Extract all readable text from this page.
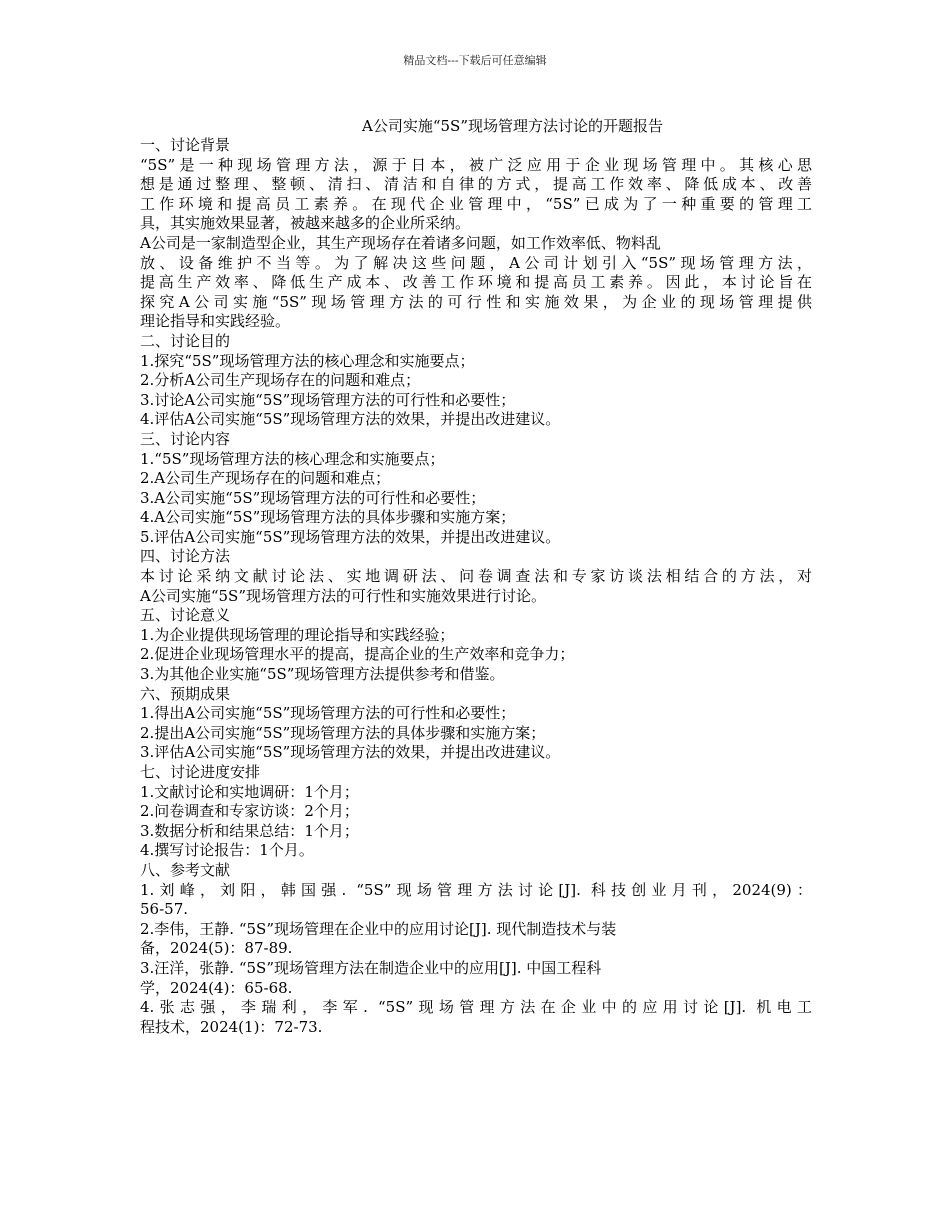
精品文档---下载后可任意编辑
A公司实施“5S”现场管理方法讨论的开题报告
一、讨论背景
“5S”是一种现场管理方法，源于日本，被广泛应用于企业现场管理中。其核心思
想是通过整理、整顿、清扫、清洁和自律的方式，提高工作效率、降低成本、改善
工作环境和提高员工素养。在现代企业管理中，“5S”已成为了一种重要的管理工
具，其实施效果显著，被越来越多的企业所采纳。
A公司是一家制造型企业，其生产现场存在着诸多问题，如工作效率低、物料乱
放、设备维护不当等。为了解决这些问题，A公司计划引入“5S”现场管理方法，
提高生产效率、降低生产成本、改善工作环境和提高员工素养。因此，本讨论旨在
探究A公司实施“5S”现场管理方法的可行性和实施效果，为企业的现场管理提供
理论指导和实践经验。
二、讨论目的
1.探究“5S”现场管理方法的核心理念和实施要点；
2.分析A公司生产现场存在的问题和难点；
3.讨论A公司实施“5S”现场管理方法的可行性和必要性；
4.评估A公司实施“5S”现场管理方法的效果，并提出改进建议。
三、讨论内容
1.“5S”现场管理方法的核心理念和实施要点；
2.A公司生产现场存在的问题和难点；
3.A公司实施“5S”现场管理方法的可行性和必要性；
4.A公司实施“5S”现场管理方法的具体步骤和实施方案；
5.评估A公司实施“5S”现场管理方法的效果，并提出改进建议。
四、讨论方法
本讨论采纳文献讨论法、实地调研法、问卷调查法和专家访谈法相结合的方法，对
A公司实施“5S”现场管理方法的可行性和实施效果进行讨论。
五、讨论意义
1.为企业提供现场管理的理论指导和实践经验；
2.促进企业现场管理水平的提高，提高企业的生产效率和竞争力；
3.为其他企业实施“5S”现场管理方法提供参考和借鉴。
六、预期成果
1.得出A公司实施“5S”现场管理方法的可行性和必要性；
2.提出A公司实施“5S”现场管理方法的具体步骤和实施方案；
3.评估A公司实施“5S”现场管理方法的效果，并提出改进建议。
七、讨论进度安排
1.文献讨论和实地调研：1个月；
2.问卷调查和专家访谈：2个月；
3.数据分析和结果总结：1个月；
4.撰写讨论报告：1个月。
八、参考文献
1.刘峰，刘阳，韩国强. “5S”现场管理方法讨论[J]. 科技创业月刊，2024(9)：
56-57.
2.李伟，王静. “5S”现场管理在企业中的应用讨论[J]. 现代制造技术与装
备，2024(5)：87-89.
3.汪洋，张静. “5S”现场管理方法在制造企业中的应用[J]. 中国工程科
学，2024(4)：65-68.
4.张志强，李瑞利，李军. “5S”现场管理方法在企业中的应用讨论[J]. 机电工
程技术，2024(1)：72-73.
